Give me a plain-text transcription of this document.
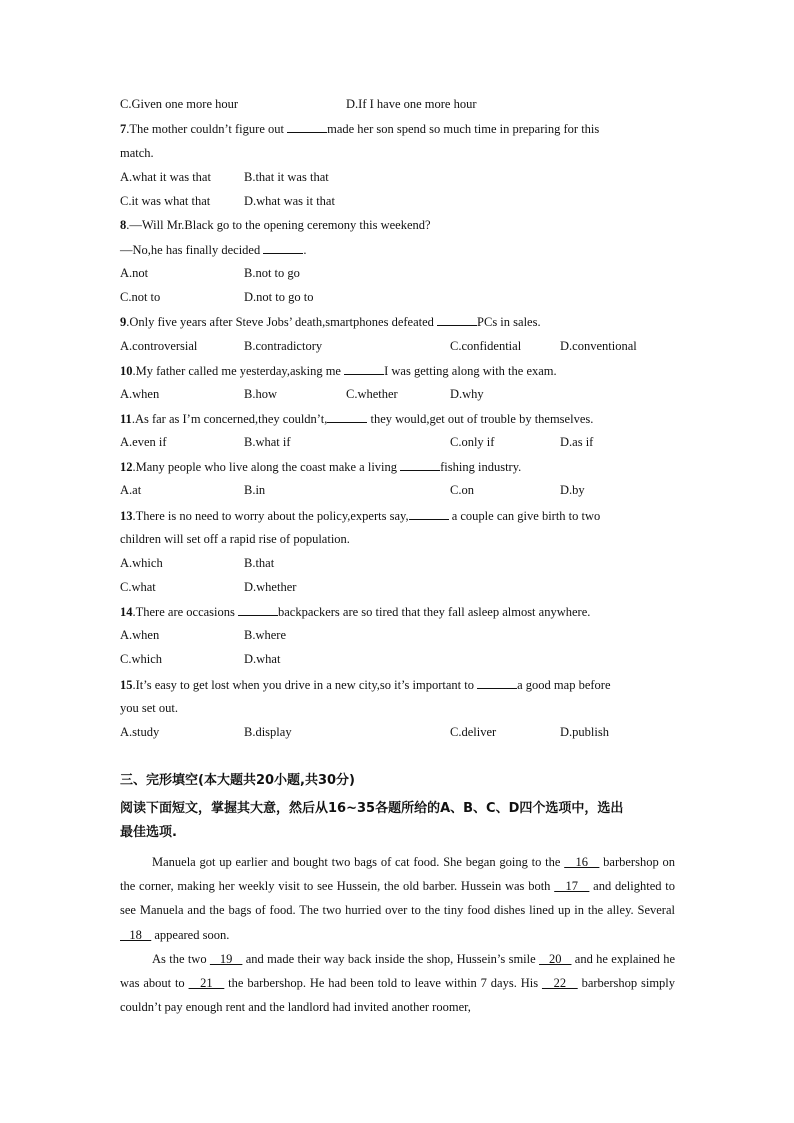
C.Given one more hour	D.If I have one more hour
7.The mother couldn’t figure out	made her son spend so much time in preparing for this
match.
A.what it was that	B.that it was that
C.it was what that	D.what was it that
8.—Will Mr.Black go to the opening ceremony this weekend?
—No,he has finally decided	.
A.not	B.not to go
C.not to	D.not to go to
9.Only five years after Steve Jobs’ death,smartphones defeated	PCs in sales.
A.controversial	B.contradictory	C.confidential	D.conventional
10.My father called me yesterday,asking me	I was getting along with the exam.
A.when	B.how	C.whether	D.why
11.As far as I’m concerned,they couldn’t,	they would,get out of trouble by themselves.
A.even if	B.what if	C.only if	D.as if
12.Many people who live along the coast make a living	fishing industry.
A.at	B.in	C.on	D.by
13.There is no need to worry about the policy,experts say,	a couple can give birth to two
children will set off a rapid rise of population.
A.which	B.that
C.what	D.whether
14.There are occasions	backpackers are so tired that they fall asleep almost anywhere.
A.when	B.where
C.which	D.what
15.It’s easy to get lost when you drive in a new city,so it’s important to	a good map before
you set out.
A.study	B.display	C.deliver	D.publish
三、完形填空(本大题共20小题,共30分)
阅读下面短文，掌握其大意，然后从16~35各题所给的A、B、C、D四个选项中，选出
最佳选项.

Manuela got up earlier and bought two bags of cat food. She began going to the    16    barbershop on the corner, making her weekly visit to see Hussein, the old barber. Hussein was both    17    and delighted to see Manuela and the bags of food. The two hurried over to the tiny food dishes lined up in the alley. Several    18    appeared soon.

As the two    19    and made their way back inside the shop, Hussein’s smile    20    and he explained he was about to    21    the barbershop. He had been told to leave within 7 days. His    22    barbershop simply couldn’t pay enough rent and the landlord had invited another roomer,
